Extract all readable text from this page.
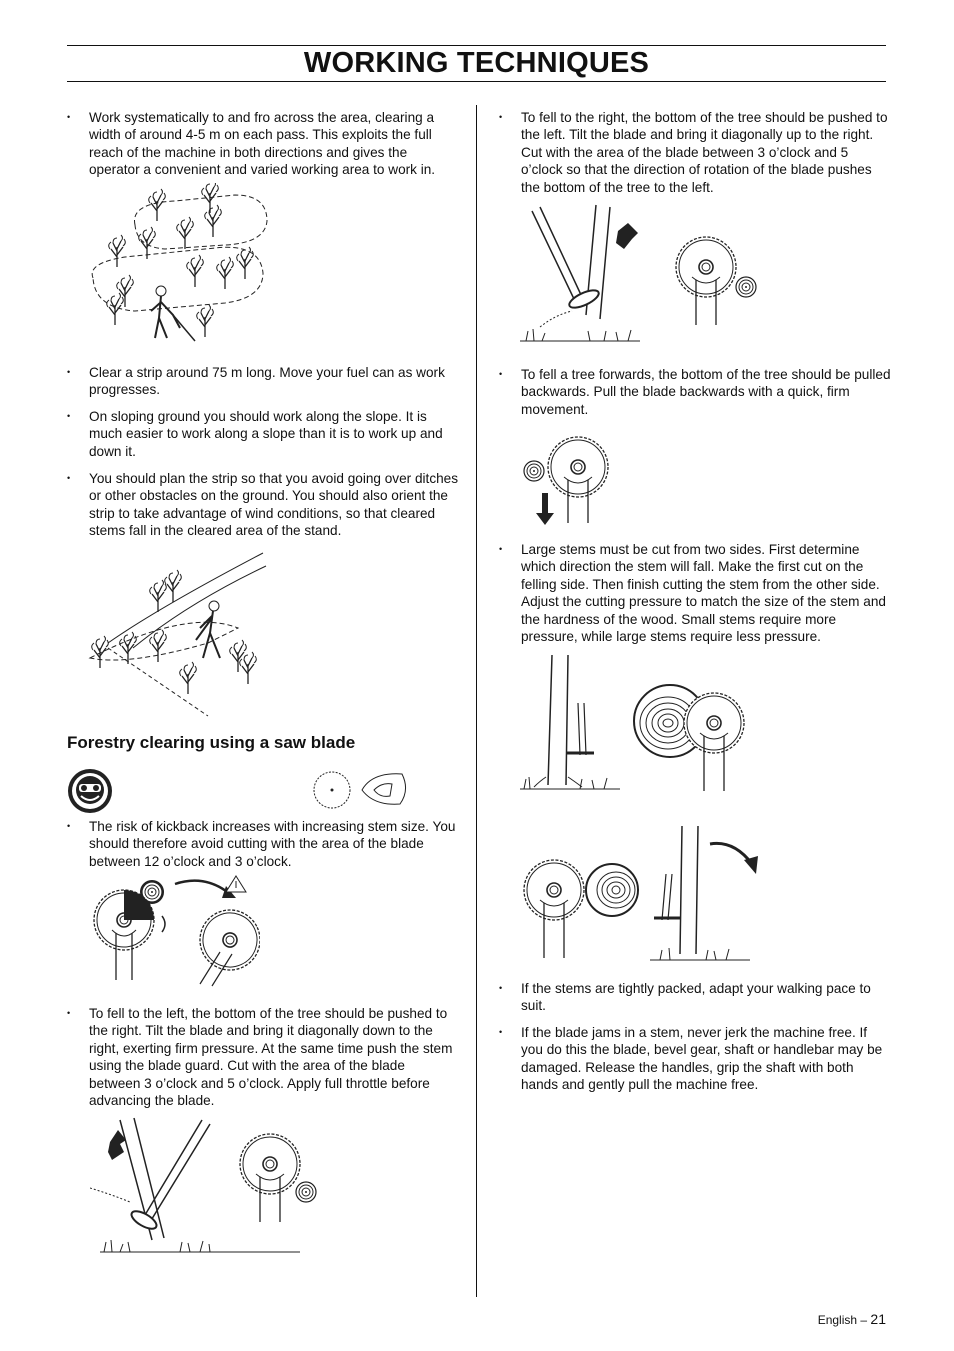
WORKING TECHNIQUES

• Work systematically to and fro across the area, clearing a width of around 4-5 m on each pass. This exploits the full reach of the machine in both directions and gives the operator a convenient and varied working area to work in.

• Clear a strip around 75 m long. Move your fuel can as work progresses.

• On sloping ground you should work along the slope. It is much easier to work along a slope than it is to work up and down it.

• You should plan the strip so that you avoid going over ditches or other obstacles on the ground. You should also orient the strip to take advantage of wind conditions, so that cleared stems fall in the cleared area of the stand.

Forestry clearing using a saw blade

• The risk of kickback increases with increasing stem size. You should therefore avoid cutting with the area of the blade between 12 o’clock and 3 o’clock.

• To fell to the left, the bottom of the tree should be pushed to the right. Tilt the blade and bring it diagonally down to the right, exerting firm pressure. At the same time push the stem using the blade guard. Cut with the area of the blade between 3 o’clock and 5 o’clock. Apply full throttle before advancing the blade.

• To fell to the right, the bottom of the tree should be pushed to the left. Tilt the blade and bring it diagonally up to the right. Cut with the area of the blade between 3 o’clock and 5 o’clock so that the direction of rotation of the blade pushes the bottom of the tree to the left.

• To fell a tree forwards, the bottom of the tree should be pulled backwards. Pull the blade backwards with a quick, firm movement.

• Large stems must be cut from two sides. First determine which direction the stem will fall. Make the first cut on the felling side. Then finish cutting the stem from the other side. Adjust the cutting pressure to match the size of the stem and the hardness of the wood. Small stems require more pressure, while large stems require less pressure.

• If the stems are tightly packed, adapt your walking pace to suit.

• If the blade jams in a stem, never jerk the machine free. If you do this the blade, bevel gear, shaft or handlebar may be damaged. Release the handles, grip the shaft with both hands and gently pull the machine free.

English – 21
